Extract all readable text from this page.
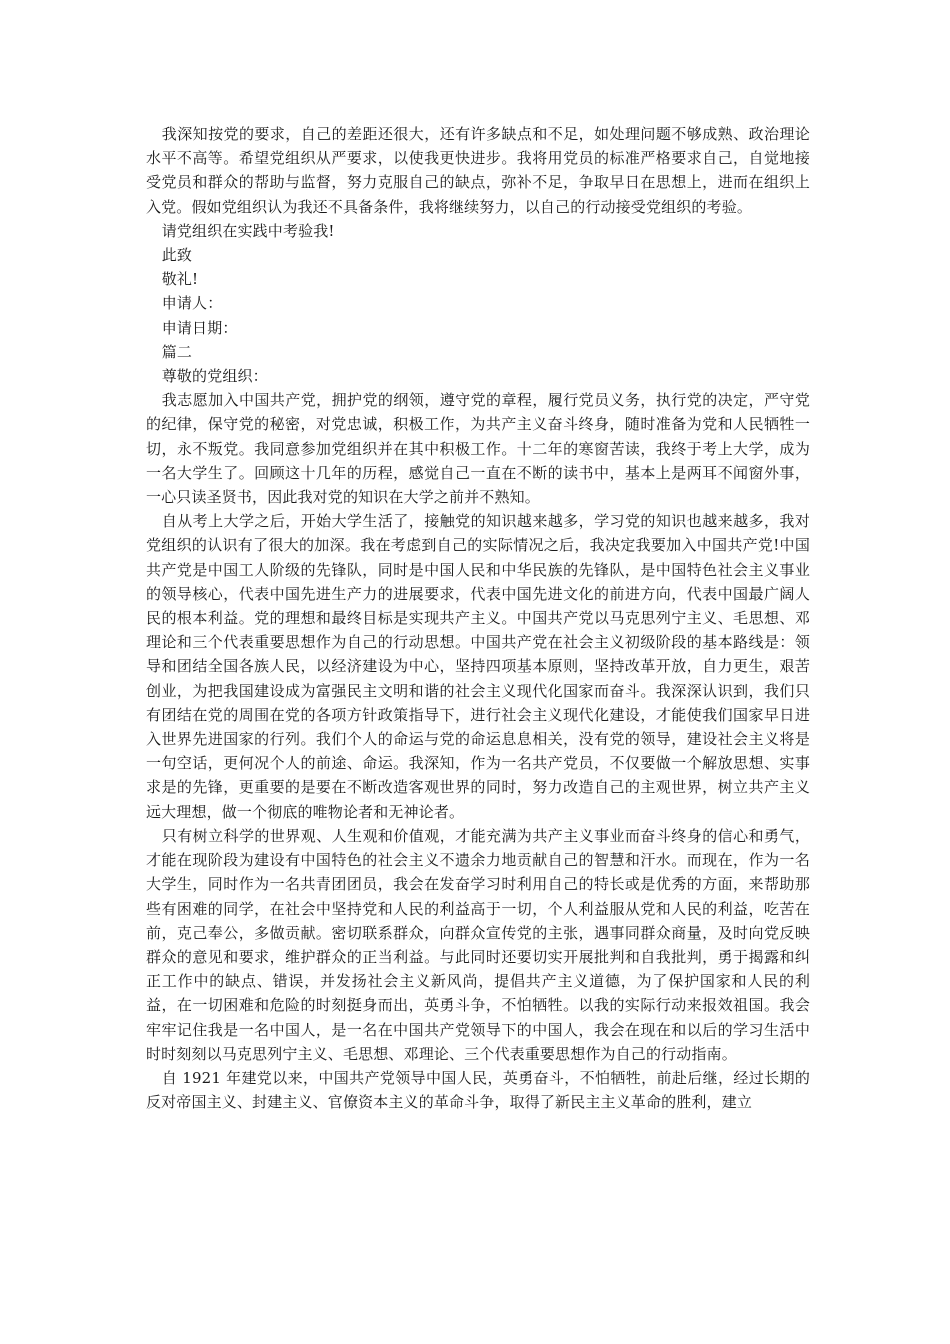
我深知按党的要求，自己的差距还很大，还有许多缺点和不足，如处理问题不够成熟、政治理论水平不高等。希望党组织从严要求，以使我更快进步。我将用党员的标准严格要求自己，自觉地接受党员和群众的帮助与监督，努力克服自己的缺点，弥补不足，争取早日在思想上，进而在组织上入党。假如党组织认为我还不具备条件，我将继续努力，以自己的行动接受党组织的考验。

请党组织在实践中考验我!

此致

敬礼!

申请人：

申请日期：

篇二

尊敬的党组织：

我志愿加入中国共产党，拥护党的纲领，遵守党的章程，履行党员义务，执行党的决定，严守党的纪律，保守党的秘密，对党忠诚，积极工作，为共产主义奋斗终身，随时准备为党和人民牺牲一切，永不叛党。我同意参加党组织并在其中积极工作。十二年的寒窗苦读，我终于考上大学，成为一名大学生了。回顾这十几年的历程，感觉自己一直在不断的读书中，基本上是两耳不闻窗外事，一心只读圣贤书，因此我对党的知识在大学之前并不熟知。

自从考上大学之后，开始大学生活了，接触党的知识越来越多，学习党的知识也越来越多，我对党组织的认识有了很大的加深。我在考虑到自己的实际情况之后，我决定我要加入中国共产党!中国共产党是中国工人阶级的先锋队，同时是中国人民和中华民族的先锋队，是中国特色社会主义事业的领导核心，代表中国先进生产力的进展要求，代表中国先进文化的前进方向，代表中国最广阔人民的根本利益。党的理想和最终目标是实现共产主义。中国共产党以马克思列宁主义、毛思想、邓理论和三个代表重要思想作为自己的行动思想。中国共产党在社会主义初级阶段的基本路线是：领导和团结全国各族人民，以经济建设为中心，坚持四项基本原则，坚持改革开放，自力更生，艰苦创业，为把我国建设成为富强民主文明和谐的社会主义现代化国家而奋斗。我深深认识到，我们只有团结在党的周围在党的各项方针政策指导下，进行社会主义现代化建设，才能使我们国家早日进入世界先进国家的行列。我们个人的命运与党的命运息息相关，没有党的领导，建设社会主义将是一句空话，更何况个人的前途、命运。我深知，作为一名共产党员，不仅要做一个解放思想、实事求是的先锋，更重要的是要在不断改造客观世界的同时，努力改造自己的主观世界，树立共产主义远大理想，做一个彻底的唯物论者和无神论者。

只有树立科学的世界观、人生观和价值观，才能充满为共产主义事业而奋斗终身的信心和勇气，才能在现阶段为建设有中国特色的社会主义不遗余力地贡献自己的智慧和汗水。而现在，作为一名大学生，同时作为一名共青团团员，我会在发奋学习时利用自己的特长或是优秀的方面，来帮助那些有困难的同学，在社会中坚持党和人民的利益高于一切，个人利益服从党和人民的利益，吃苦在前，克己奉公，多做贡献。密切联系群众，向群众宣传党的主张，遇事同群众商量，及时向党反映群众的意见和要求，维护群众的正当利益。与此同时还要切实开展批判和自我批判，勇于揭露和纠正工作中的缺点、错误，并发扬社会主义新风尚，提倡共产主义道德，为了保护国家和人民的利益，在一切困难和危险的时刻挺身而出，英勇斗争，不怕牺牲。以我的实际行动来报效祖国。我会牢牢记住我是一名中国人，是一名在中国共产党领导下的中国人，我会在现在和以后的学习生活中时时刻刻以马克思列宁主义、毛思想、邓理论、三个代表重要思想作为自己的行动指南。

自 1921 年建党以来，中国共产党领导中国人民，英勇奋斗，不怕牺牲，前赴后继，经过长期的反对帝国主义、封建主义、官僚资本主义的革命斗争，取得了新民主主义革命的胜利，建立
